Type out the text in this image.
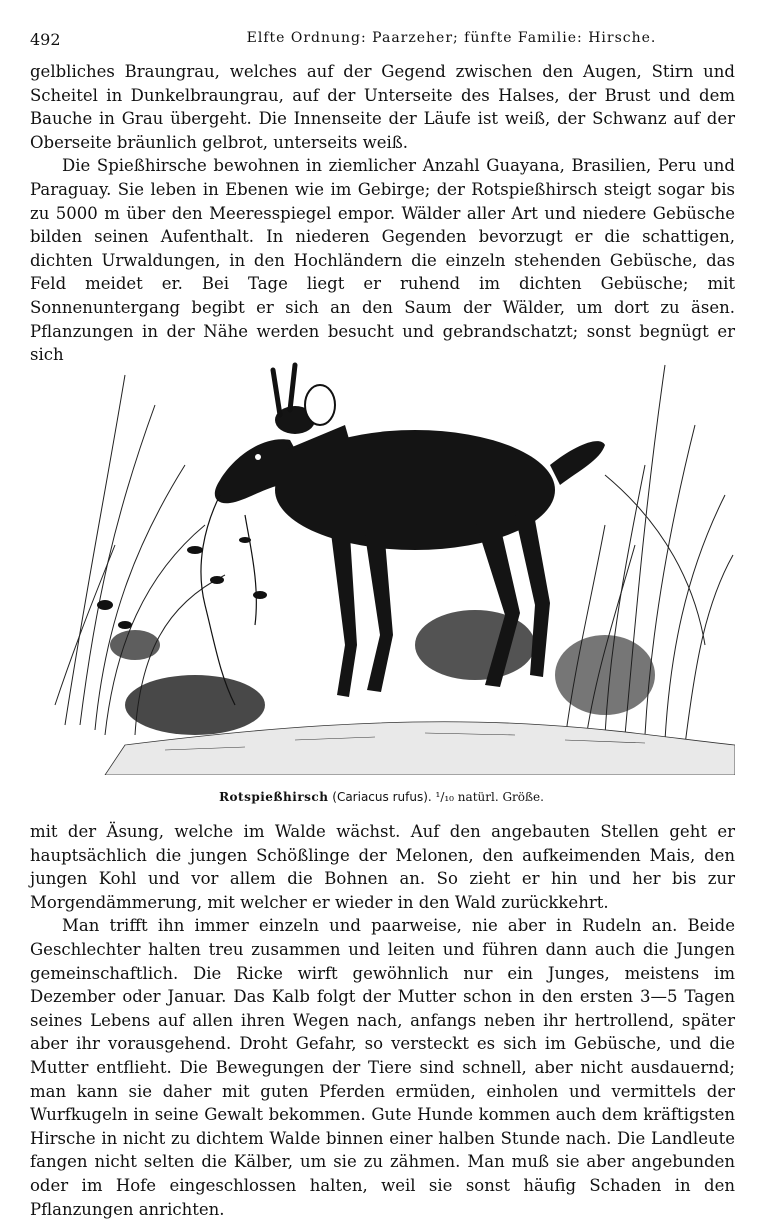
492	Elfte Ordnung: Paarzeher; fünfte Familie: Hirsche.

gelbliches Braungrau, welches auf der Gegend zwischen den Augen, Stirn und Scheitel in Dunkelbraungrau, auf der Unterseite des Halses, der Brust und dem Bauche in Grau übergeht. Die Innenseite der Läufe ist weiß, der Schwanz auf der Oberseite bräunlich gelbrot, unterseits weiß.

Die Spießhirsche bewohnen in ziemlicher Anzahl Guayana, Brasilien, Peru und Paraguay. Sie leben in Ebenen wie im Gebirge; der Rotspießhirsch steigt sogar bis zu 5000 m über den Meeresspiegel empor. Wälder aller Art und niedere Gebüsche bilden seinen Aufenthalt. In niederen Gegenden bevorzugt er die schattigen, dichten Urwaldungen, in den Hochländern die einzeln stehenden Gebüsche, das Feld meidet er. Bei Tage liegt er ruhend im dichten Gebüsche; mit Sonnenuntergang begibt er sich an den Saum der Wälder, um dort zu äsen. Pflanzungen in der Nähe werden besucht und gebrandschatzt; sonst begnügt er sich

Rotspießhirsch (Cariacus rufus). ¹/₁₀ natürl. Größe.

mit der Äsung, welche im Walde wächst. Auf den angebauten Stellen geht er hauptsächlich die jungen Schößlinge der Melonen, den aufkeimenden Mais, den jungen Kohl und vor allem die Bohnen an. So zieht er hin und her bis zur Morgendämmerung, mit welcher er wieder in den Wald zurückkehrt.

Man trifft ihn immer einzeln und paarweise, nie aber in Rudeln an. Beide Geschlechter halten treu zusammen und leiten und führen dann auch die Jungen gemeinschaftlich. Die Ricke wirft gewöhnlich nur ein Junges, meistens im Dezember oder Januar. Das Kalb folgt der Mutter schon in den ersten 3—5 Tagen seines Lebens auf allen ihren Wegen nach, anfangs neben ihr hertrollend, später aber ihr vorausgehend. Droht Gefahr, so versteckt es sich im Gebüsche, und die Mutter entflieht. Die Bewegungen der Tiere sind schnell, aber nicht ausdauernd; man kann sie daher mit guten Pferden ermüden, einholen und vermittels der Wurfkugeln in seine Gewalt bekommen. Gute Hunde kommen auch dem kräftigsten Hirsche in nicht zu dichtem Walde binnen einer halben Stunde nach. Die Landleute fangen nicht selten die Kälber, um sie zu zähmen. Man muß sie aber angebunden oder im Hofe eingeschlossen halten, weil sie sonst häufig Schaden in den Pflanzungen anrichten.
